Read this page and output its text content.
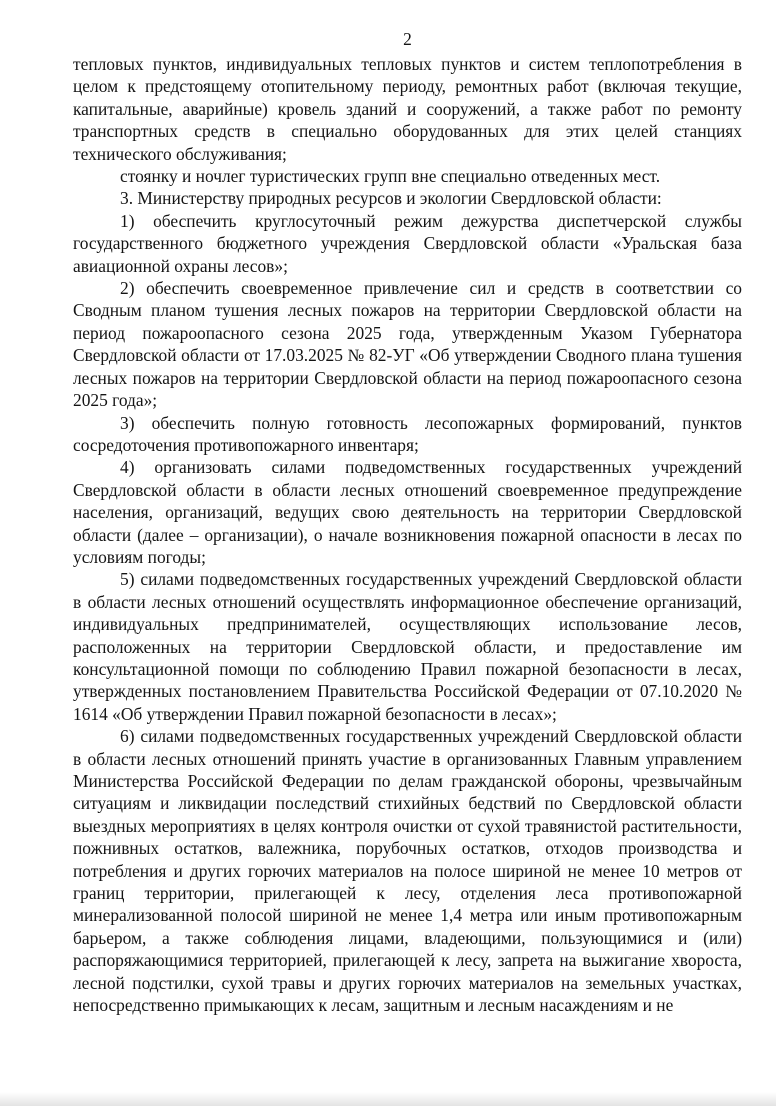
2

тепловых пунктов, индивидуальных тепловых пунктов и систем теплопотребления в целом к предстоящему отопительному периоду, ремонтных работ (включая текущие, капитальные, аварийные) кровель зданий и сооружений, а также работ по ремонту транспортных средств в специально оборудованных для этих целей станциях технического обслуживания;

стоянку и ночлег туристических групп вне специально отведенных мест.

3. Министерству природных ресурсов и экологии Свердловской области:

1) обеспечить круглосуточный режим дежурства диспетчерской службы государственного бюджетного учреждения Свердловской области «Уральская база авиационной охраны лесов»;

2) обеспечить своевременное привлечение сил и средств в соответствии со Сводным планом тушения лесных пожаров на территории Свердловской области на период пожароопасного сезона 2025 года, утвержденным Указом Губернатора Свердловской области от 17.03.2025 № 82-УГ «Об утверждении Сводного плана тушения лесных пожаров на территории Свердловской области на период пожароопасного сезона 2025 года»;

3) обеспечить полную готовность лесопожарных формирований, пунктов сосредоточения противопожарного инвентаря;

4) организовать силами подведомственных государственных учреждений Свердловской области в области лесных отношений своевременное предупреждение населения, организаций, ведущих свою деятельность на территории Свердловской области (далее – организации), о начале возникновения пожарной опасности в лесах по условиям погоды;

5) силами подведомственных государственных учреждений Свердловской области в области лесных отношений осуществлять информационное обеспечение организаций, индивидуальных предпринимателей, осуществляющих использование лесов, расположенных на территории Свердловской области, и предоставление им консультационной помощи по соблюдению Правил пожарной безопасности в лесах, утвержденных постановлением Правительства Российской Федерации от 07.10.2020 № 1614 «Об утверждении Правил пожарной безопасности в лесах»;

6) силами подведомственных государственных учреждений Свердловской области в области лесных отношений принять участие в организованных Главным управлением Министерства Российской Федерации по делам гражданской обороны, чрезвычайным ситуациям и ликвидации последствий стихийных бедствий по Свердловской области выездных мероприятиях в целях контроля очистки от сухой травянистой растительности, пожнивных остатков, валежника, порубочных остатков, отходов производства и потребления и других горючих материалов на полосе шириной не менее 10 метров от границ территории, прилегающей к лесу, отделения леса противопожарной минерализованной полосой шириной не менее 1,4 метра или иным противопожарным барьером, а также соблюдения лицами, владеющими, пользующимися и (или) распоряжающимися территорией, прилегающей к лесу, запрета на выжигание хвороста, лесной подстилки, сухой травы и других горючих материалов на земельных участках, непосредственно примыкающих к лесам, защитным и лесным насаждениям и не
